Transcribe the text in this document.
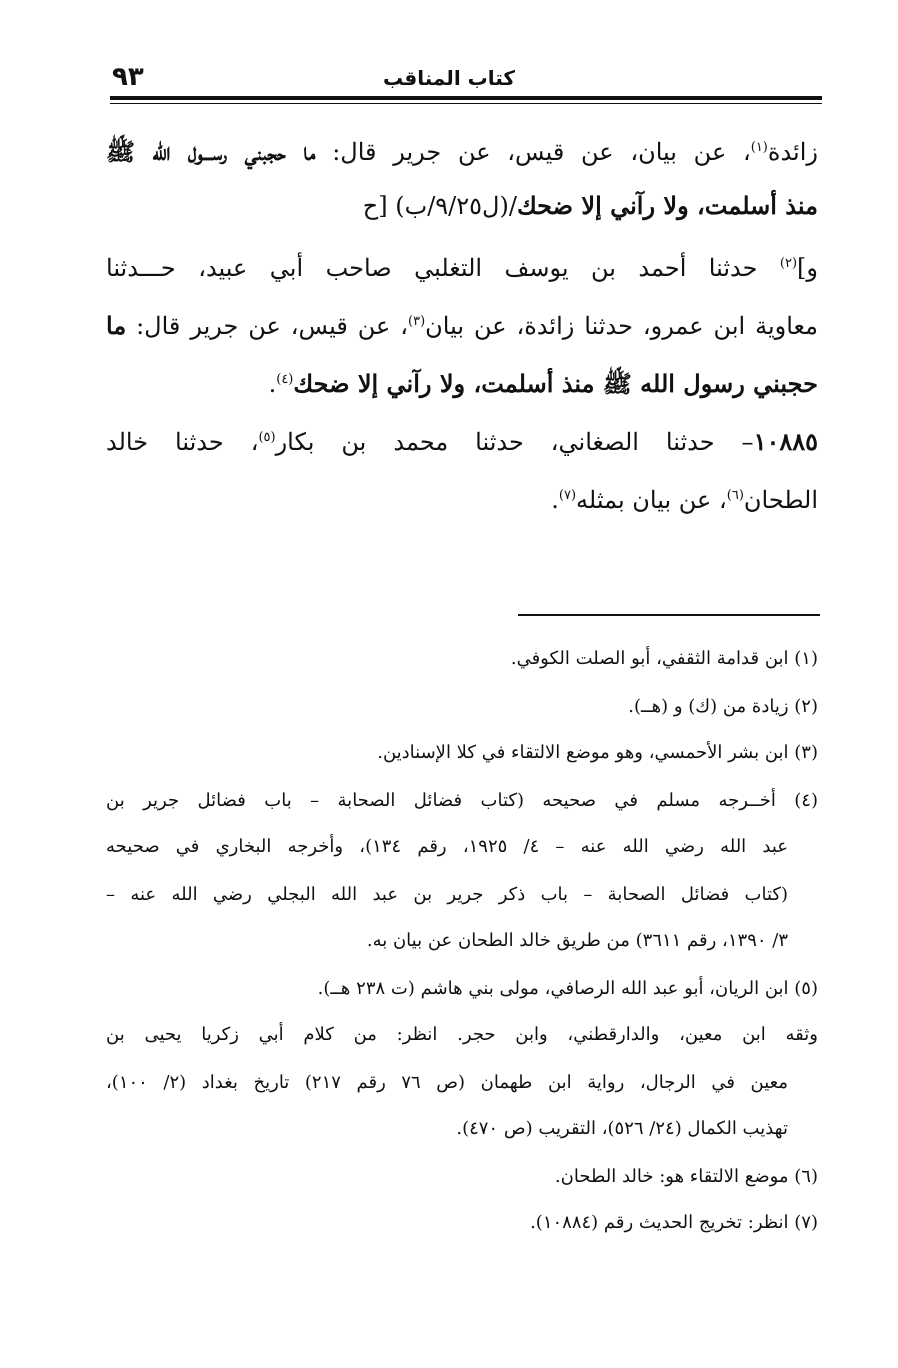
كتاب المناقب
٩٣
زائدة$^{(١)}$، عن بيان، عن قيس، عن جرير قال: ما حجبني رســـول الله ﷺ
منذ أسلمت، ولا رآني إلا ضحك/(ل٩/٢٥/ب) [ح
و]$^{(٢)}$ حدثنا أحمد بن يوسف التغلبي صاحب أبي عبيد، حـــدثنا
معاوية ابن عمرو، حدثنا زائدة، عن بيان$^{(٣)}$، عن قيس، عن جرير قال: ما
حجبني رسول الله ﷺ منذ أسلمت، ولا رآني إلا ضحك$^{(٤)}$.
١٠٨٨٥– حدثنا الصغاني، حدثنا محمد بن بكار$^{(٥)}$، حدثنا خالد
الطحان$^{(٦)}$، عن بيان بمثله$^{(٧)}$.
(١) ابن قدامة الثقفي، أبو الصلت الكوفي.
(٢) زيادة من (ك) و (هــ).
(٣) ابن بشر الأحمسي، وهو موضع الالتقاء في كلا الإسنادين.
(٤) أخــرجه مسلم في صحيحه (كتاب فضائل الصحابة – باب فضائل جرير بن
عبد الله رضي الله عنه – ٤/ ١٩٢٥، رقم ١٣٤)، وأخرجه البخاري في صحيحه
(كتاب فضائل الصحابة – باب ذكر جرير بن عبد الله البجلي رضي الله عنه –
٣/ ١٣٩٠، رقم ٣٦١١) من طريق خالد الطحان عن بيان به.
(٥) ابن الريان، أبو عبد الله الرصافي، مولى بني هاشم (ت ٢٣٨ هــ).
وثقه ابن معين، والدارقطني، وابن حجر. انظر: من كلام أبي زكريا يحيى بن
معين في الرجال، رواية ابن طهمان (ص ٧٦ رقم ٢١٧) تاريخ بغداد (٢/ ١٠٠)،
تهذيب الكمال (٢٤/ ٥٢٦)، التقريب (ص ٤٧٠).
(٦) موضع الالتقاء هو: خالد الطحان.
(٧) انظر: تخريج الحديث رقم (١٠٨٨٤).
